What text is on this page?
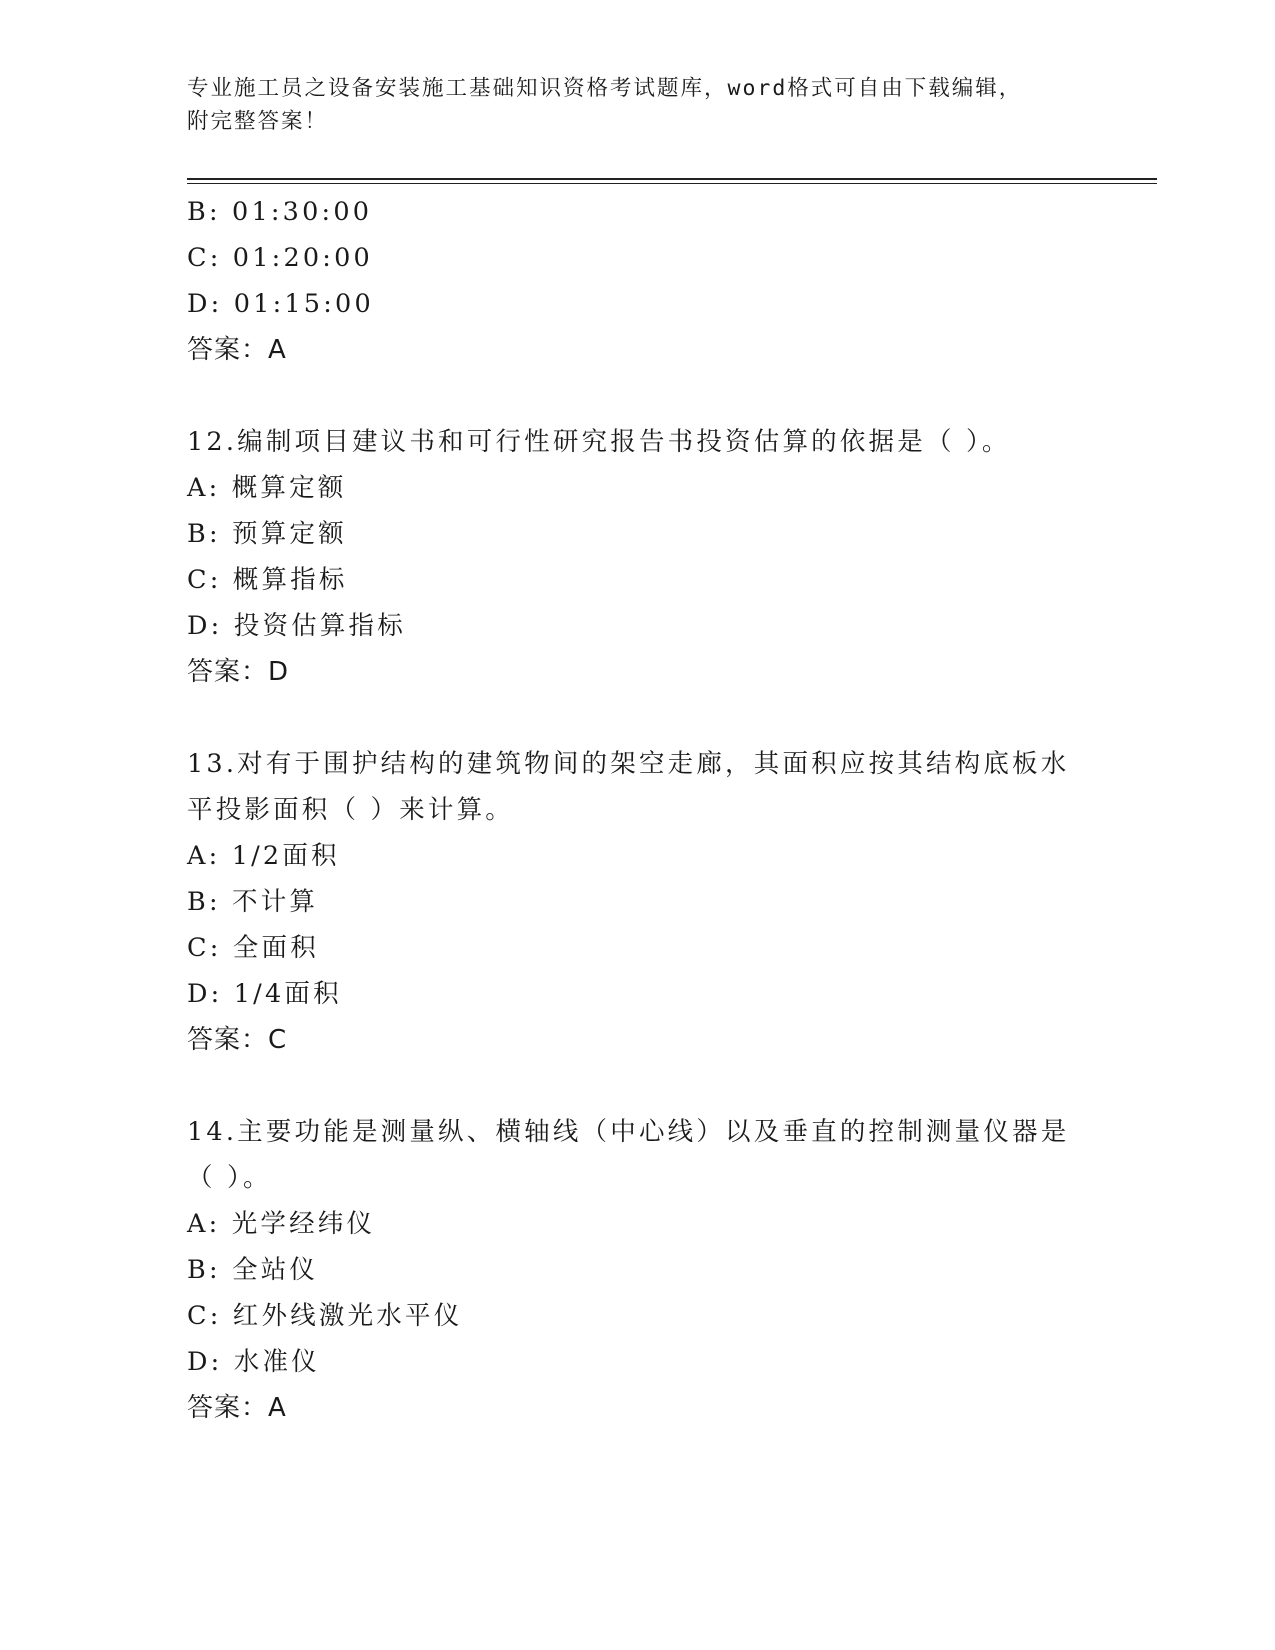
专业施工员之设备安装施工基础知识资格考试题库，word格式可自由下载编辑，
附完整答案！
B: 01:30:00
C: 01:20:00
D: 01:15:00
答案：A
12.编制项目建议书和可行性研究报告书投资估算的依据是（ ）。
A: 概算定额
B: 预算定额
C: 概算指标
D: 投资估算指标
答案：D
13.对有于围护结构的建筑物间的架空走廊，其面积应按其结构底板水
平投影面积（ ）来计算。
A: 1/2面积
B: 不计算
C: 全面积
D: 1/4面积
答案：C
14.主要功能是测量纵、横轴线（中心线）以及垂直的控制测量仪器是
（ ）。
A: 光学经纬仪
B: 全站仪
C: 红外线激光水平仪
D: 水准仪
答案：A
